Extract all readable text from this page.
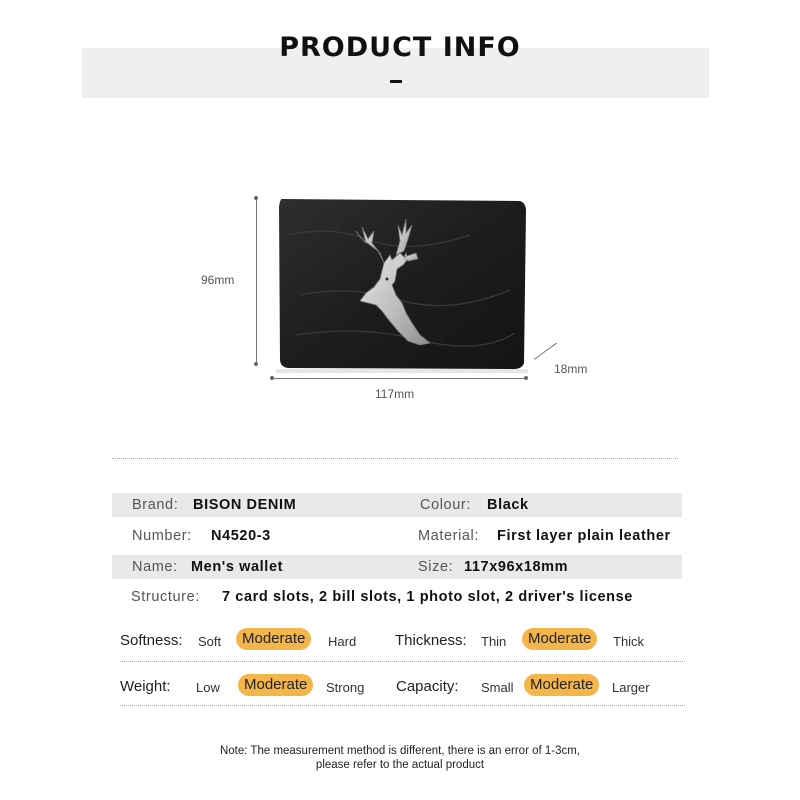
PRODUCT INFO
96mm
117mm
18mm
Brand: BISON DENIM	Colour: Black
Number: N4520-3	Material: First layer plain leather
Name: Men's wallet	Size: 117x96x18mm
Structure: 7 card slots, 2 bill slots, 1 photo slot, 2 driver's license
Softness: Soft	Moderate	Hard	Thickness: Thin	Moderate	Thick
Weight: Low	Moderate	Strong Capacity: Small	Moderate	Larger
Note: The measurement method is different, there is an error of 1-3cm,
please refer to the actual product
